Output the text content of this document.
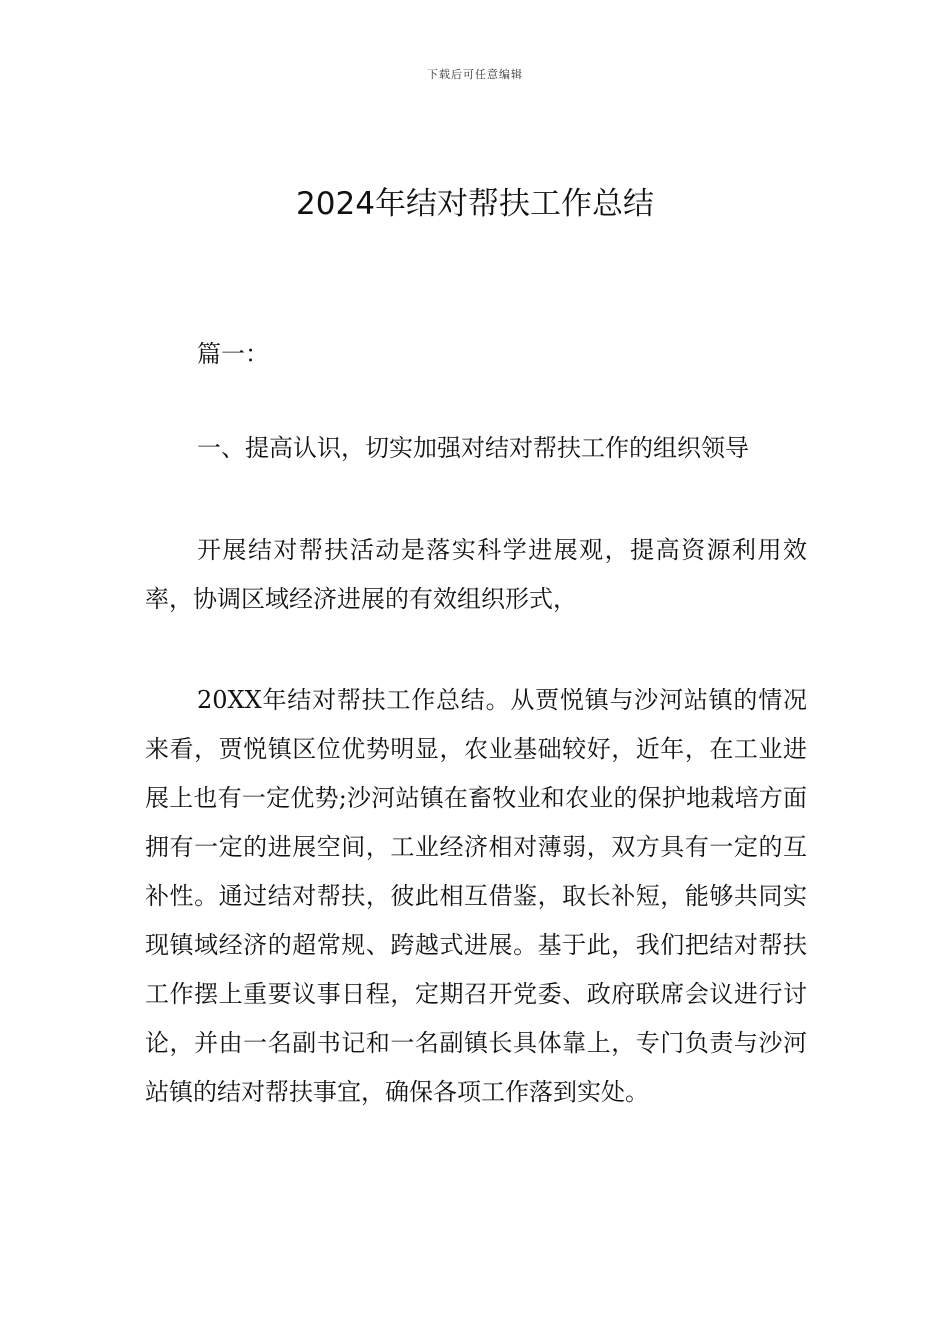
下载后可任意编辑
2024年结对帮扶工作总结

篇一：

一、提高认识，切实加强对结对帮扶工作的组织领导

开展结对帮扶活动是落实科学进展观，提高资源利用效率，协调区域经济进展的有效组织形式，

20XX年结对帮扶工作总结。从贾悦镇与沙河站镇的情况来看，贾悦镇区位优势明显，农业基础较好，近年，在工业进展上也有一定优势;沙河站镇在畜牧业和农业的保护地栽培方面拥有一定的进展空间，工业经济相对薄弱，双方具有一定的互补性。通过结对帮扶，彼此相互借鉴，取长补短，能够共同实现镇域经济的超常规、跨越式进展。基于此，我们把结对帮扶工作摆上重要议事日程，定期召开党委、政府联席会议进行讨论，并由一名副书记和一名副镇长具体靠上，专门负责与沙河站镇的结对帮扶事宜，确保各项工作落到实处。
